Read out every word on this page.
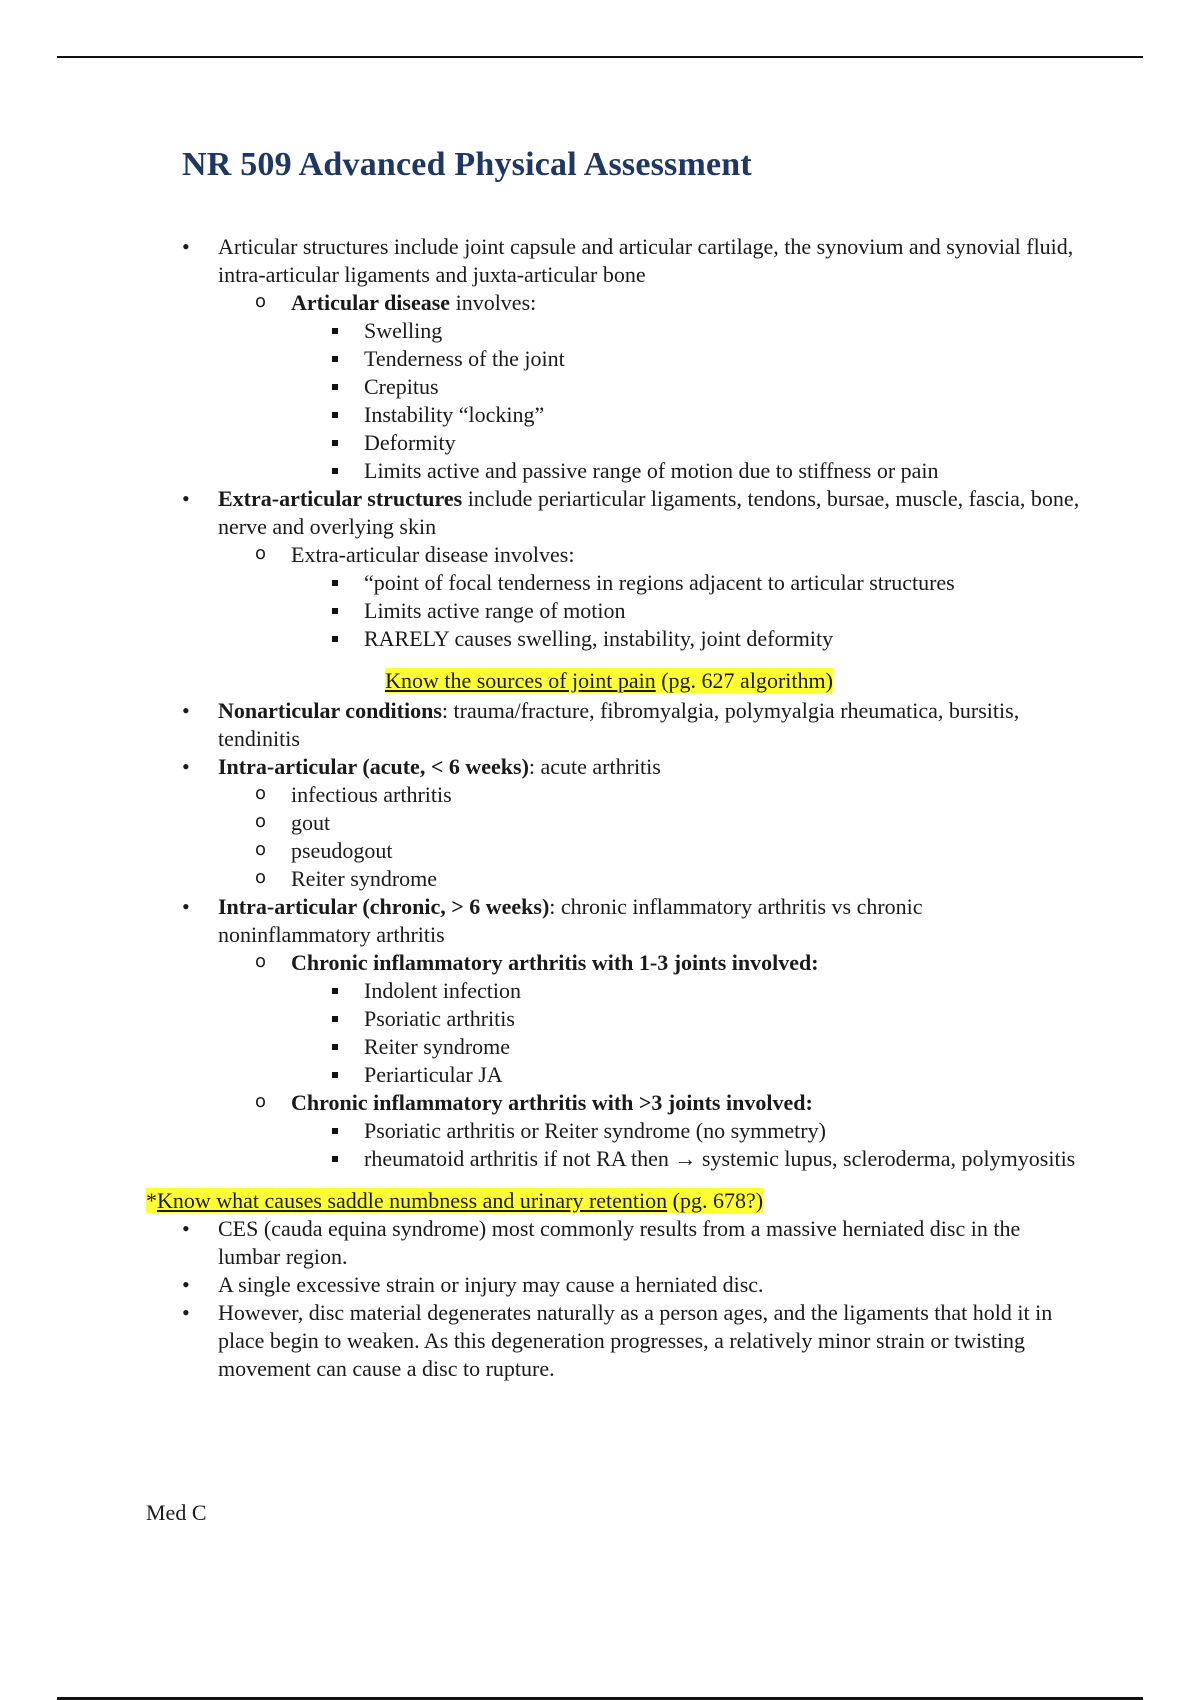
NR 509 Advanced Physical Assessment
• Articular structures include joint capsule and articular cartilage, the synovium and synovial fluid, intra-articular ligaments and juxta-articular bone
o Articular disease involves:
Swelling
Tenderness of the joint
Crepitus
Instability “locking”
Deformity
Limits active and passive range of motion due to stiffness or pain
• Extra-articular structures include periarticular ligaments, tendons, bursae, muscle, fascia, bone, nerve and overlying skin
o Extra-articular disease involves:
“point of focal tenderness in regions adjacent to articular structures
Limits active range of motion
RARELY causes swelling, instability, joint deformity
Know the sources of joint pain (pg. 627 algorithm)
• Nonarticular conditions: trauma/fracture, fibromyalgia, polymyalgia rheumatica, bursitis, tendinitis
• Intra-articular (acute, < 6 weeks): acute arthritis
o infectious arthritis
o gout
o pseudogout
o Reiter syndrome
• Intra-articular (chronic, > 6 weeks): chronic inflammatory arthritis vs chronic noninflammatory arthritis
o Chronic inflammatory arthritis with 1-3 joints involved:
Indolent infection
Psoriatic arthritis
Reiter syndrome
Periarticular JA
o Chronic inflammatory arthritis with >3 joints involved:
Psoriatic arthritis or Reiter syndrome (no symmetry)
rheumatoid arthritis if not RA then → systemic lupus, scleroderma, polymyositis
*Know what causes saddle numbness and urinary retention (pg. 678?)
• CES (cauda equina syndrome) most commonly results from a massive herniated disc in the lumbar region.
• A single excessive strain or injury may cause a herniated disc.
• However, disc material degenerates naturally as a person ages, and the ligaments that hold it in place begin to weaken. As this degeneration progresses, a relatively minor strain or twisting movement can cause a disc to rupture.
Med C
